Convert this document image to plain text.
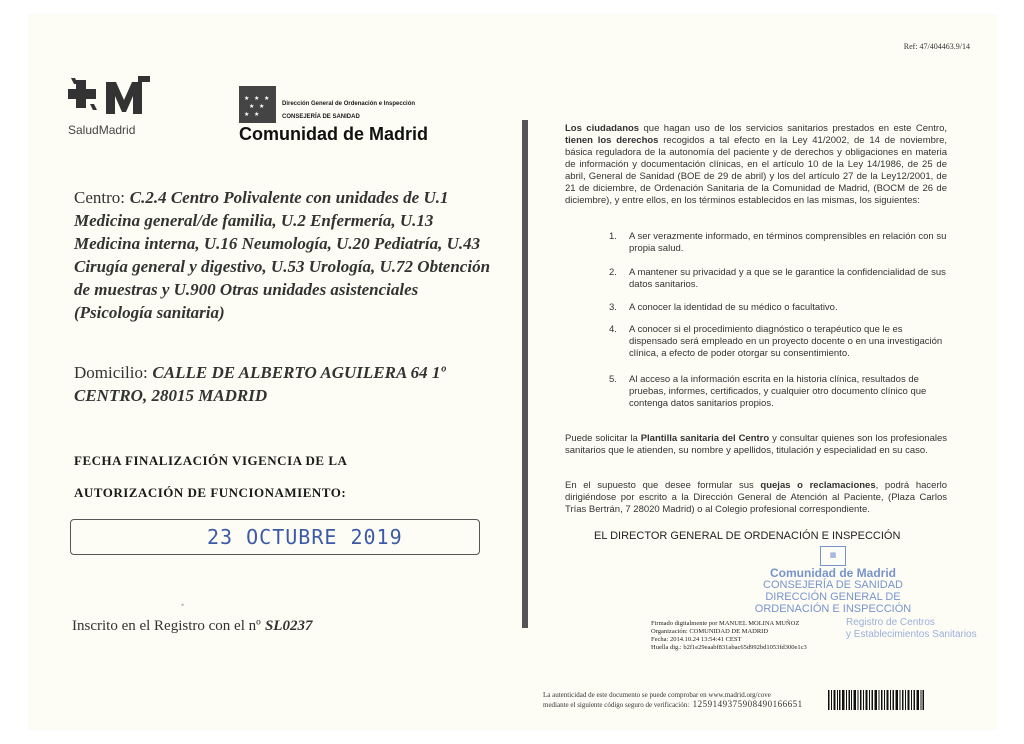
Ref: 47/404463.9/14
SaludMadrid
★ ★ ★
★ ★
★ ★
Dirección General de Ordenación e Inspección
CONSEJERÍA DE SANIDAD
Comunidad de Madrid
Centro: C.2.4 Centro Polivalente con unidades de U.1 Medicina general/de familia, U.2 Enfermería, U.13 Medicina interna, U.16 Neumología, U.20 Pediatría, U.43 Cirugía general y digestivo, U.53 Urología, U.72 Obtención de muestras y U.900 Otras unidades asistenciales (Psicología sanitaria)
Domicilio: CALLE DE ALBERTO AGUILERA 64 1º CENTRO, 28015 MADRID
FECHA FINALIZACIÓN VIGENCIA DE LA
AUTORIZACIÓN DE FUNCIONAMIENTO:
23 OCTUBRE 2019
•
Inscrito en el Registro con el nº SL0237
Los ciudadanos que hagan uso de los servicios sanitarios prestados en este Centro, tienen los derechos recogidos a tal efecto en la Ley 41/2002, de 14 de noviembre, básica reguladora de la autonomía del paciente y de derechos y obligaciones en materia de información y documentación clínicas, en el artículo 10 de la Ley 14/1986, de 25 de abril, General de Sanidad (BOE de 29 de abril) y los del artículo 27 de la Ley12/2001, de 21 de diciembre, de Ordenación Sanitaria de la Comunidad de Madrid, (BOCM de 26 de diciembre), y entre ellos, en los términos establecidos en las mismas, los siguientes:
1. A ser verazmente informado, en términos comprensibles en relación con su propia salud.
2. A mantener su privacidad y a que se le garantice la confidencialidad de sus datos sanitarios.
3. A conocer la identidad de su médico o facultativo.
4. A conocer si el procedimiento diagnóstico o terapéutico que le es dispensado será empleado en un proyecto docente o en una investigación clínica, a efecto de poder otorgar su consentimiento.
5. Al acceso a la información escrita en la historia clínica, resultados de pruebas, informes, certificados, y cualquier otro documento clínico que contenga datos sanitarios propios.
Puede solicitar la Plantilla sanitaria del Centro y consultar quienes son los profesionales sanitarios que le atienden, su nombre y apellidos, titulación y especialidad en su caso.
En el supuesto que desee formular sus quejas o reclamaciones, podrá hacerlo dirigiéndose por escrito a la Dirección General de Atención al Paciente, (Plaza Carlos Trías Bertrán, 7 28020 Madrid) o al Colegio profesional correspondiente.
EL DIRECTOR GENERAL DE ORDENACIÓN E INSPECCIÓN
▦
Comunidad de Madrid
CONSEJERÍA DE SANIDAD
DIRECCIÓN GENERAL DE
ORDENACIÓN E INSPECCIÓN
Registro de Centros
y Establecimientos Sanitarios
Firmado digitalmente por MANUEL MOLINA MUÑOZ
Organización: COMUNIDAD DE MADRID
Fecha: 2014.10.24 13:54:41 CEST
Huella dig.: b2f1e29eaabf831abac65d992bd1053fd300e1c3
La autenticidad de este documento se puede comprobar en www.madrid.org/cove
mediante el siguiente código seguro de verificación: 1259149375908490166651
